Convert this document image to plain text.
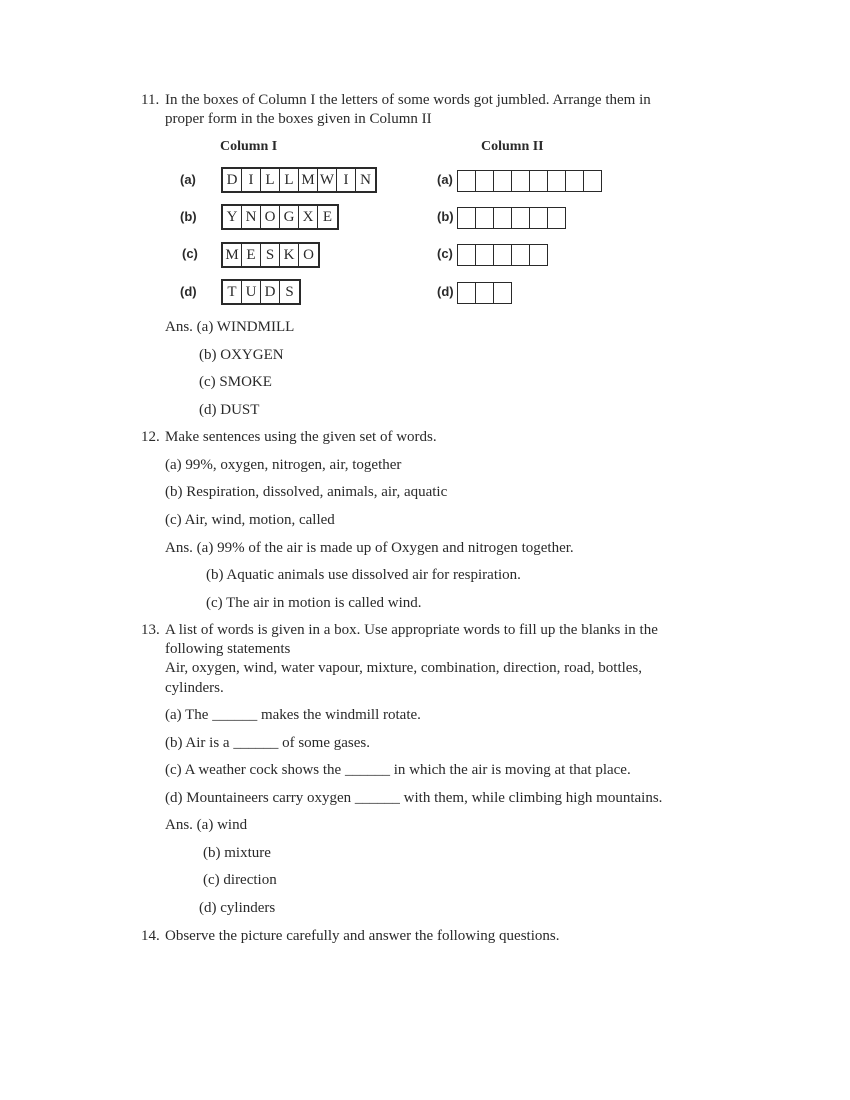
11. In the boxes of Column I the letters of some words got jumbled. Arrange them in
proper form in the boxes given in Column II
Column I	Column II
(a)
(b)
(c)
(d)
D I L L M W I N
Y N O G X E
M E S K O
T U D S
(a)
(b)
(c)
(d)
Ans. (a) WINDMILL
(b) OXYGEN
(c) SMOKE
(d) DUST
12. Make sentences using the given set of words.
(a) 99%, oxygen, nitrogen, air, together
(b) Respiration, dissolved, animals, air, aquatic
(c) Air, wind, motion, called
Ans. (a) 99% of the air is made up of Oxygen and nitrogen together.
(b) Aquatic animals use dissolved air for respiration.
(c) The air in motion is called wind.
13. A list of words is given in a box. Use appropriate words to fill up the blanks in the
following statements
Air, oxygen, wind, water vapour, mixture, combination, direction, road, bottles,
cylinders.
(a) The ______ makes the windmill rotate.
(b) Air is a ______ of some gases.
(c) A weather cock shows the ______ in which the air is moving at that place.
(d) Mountaineers carry oxygen ______ with them, while climbing high mountains.
Ans. (a) wind
(b) mixture
(c) direction
(d) cylinders
14. Observe the picture carefully and answer the following questions.
